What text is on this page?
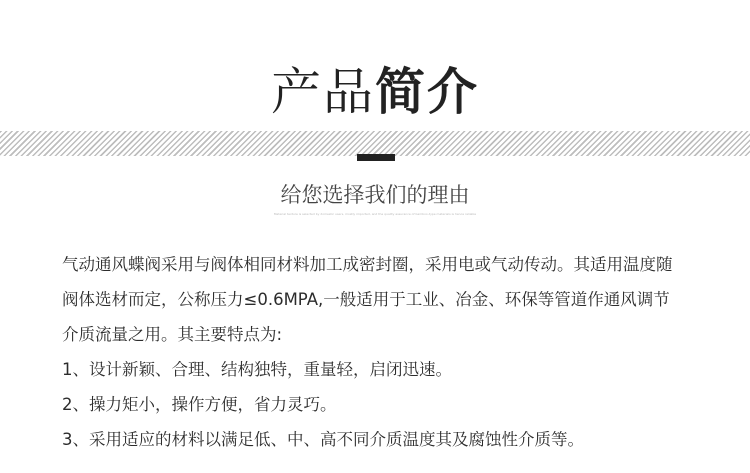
产品简介
给您选择我们的理由
Material texture is selected by domestic users, mostly imported, and the quality assurance of bamboo-type materials is hence reliable

气动通风蝶阀采用与阀体相同材料加工成密封圈，采用电或气动传动。其适用温度随

阀体选材而定，公称压力≤0.6MPA,一般适用于工业、冶金、环保等管道作通风调节

介质流量之用。其主要特点为:

1、设计新颖、合理、结构独特，重量轻，启闭迅速。

2、操力矩小，操作方便，省力灵巧。

3、采用适应的材料以满足低、中、高不同介质温度其及腐蚀性介质等。
